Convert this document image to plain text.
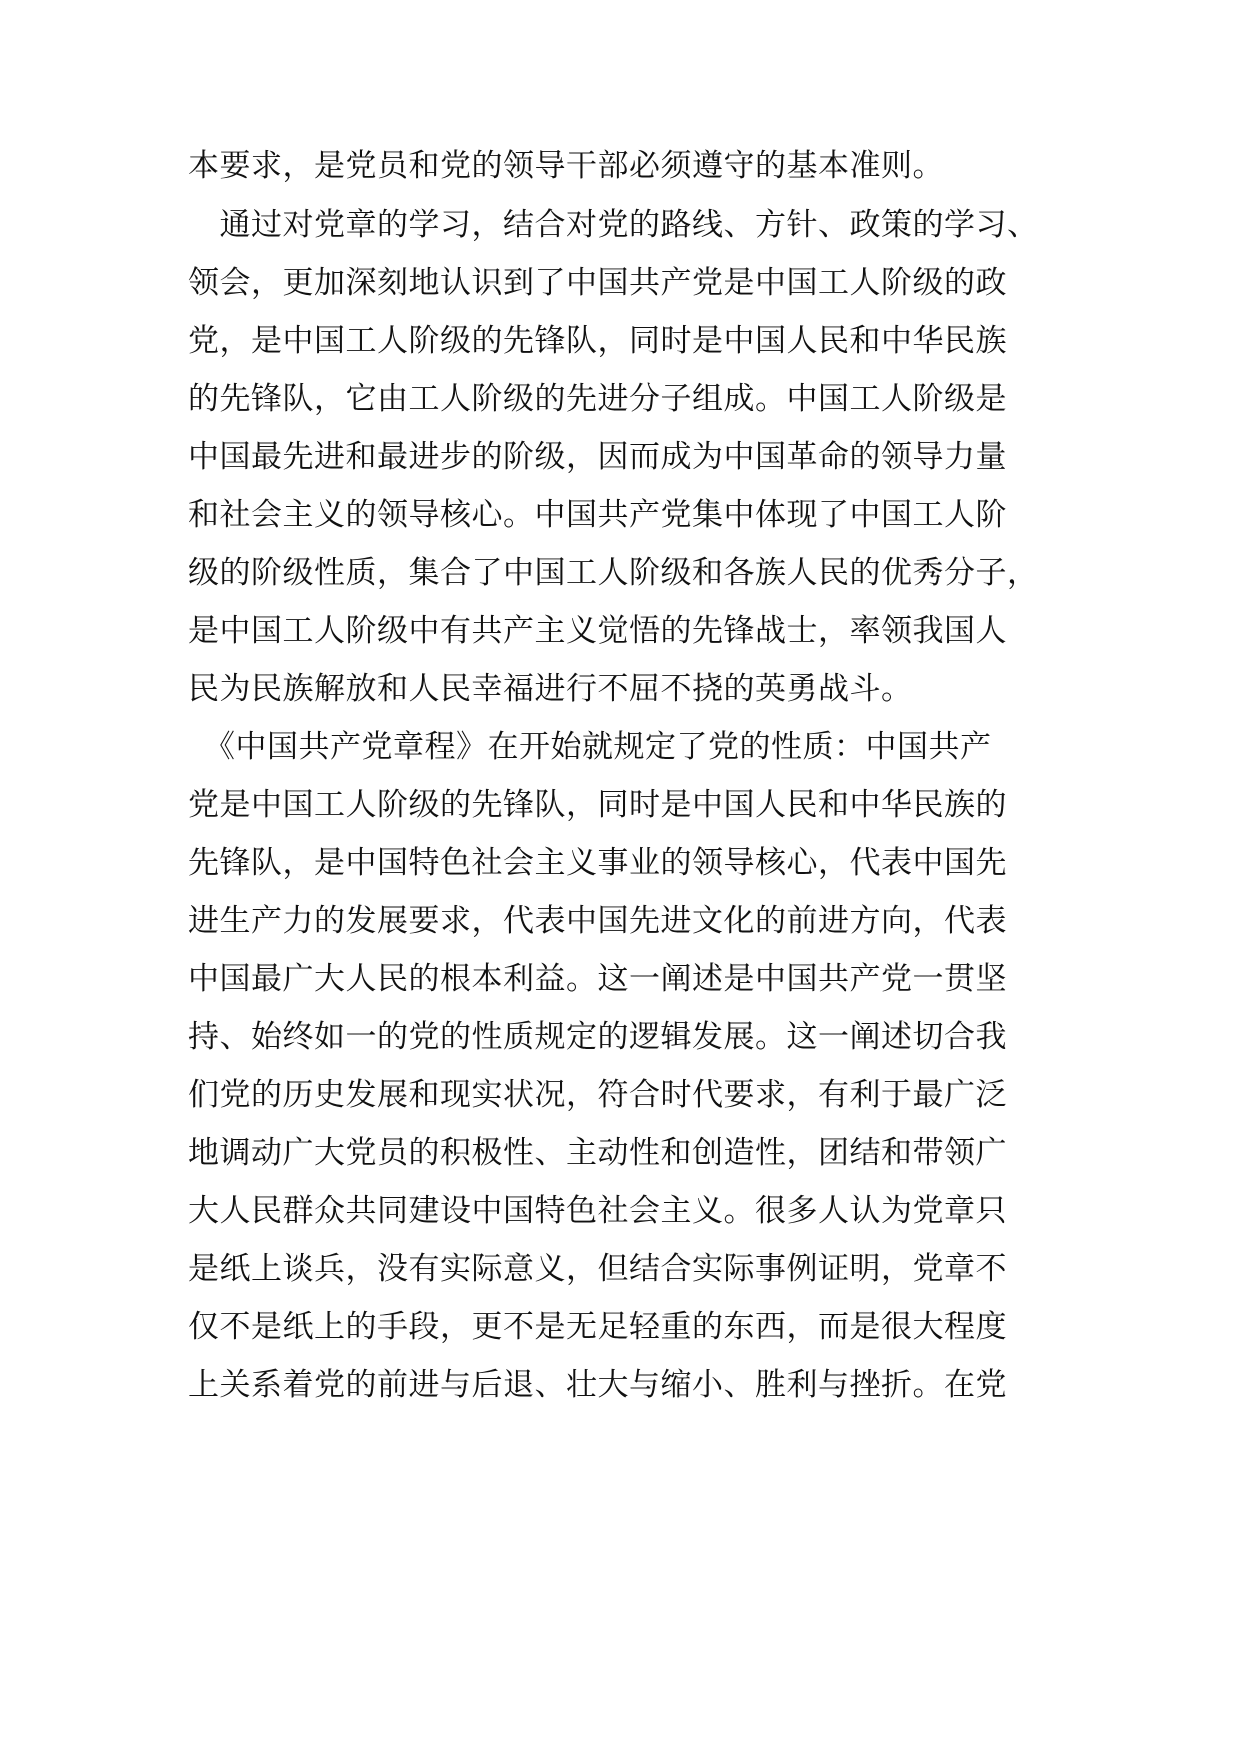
本要求，是党员和党的领导干部必须遵守的基本准则。
　通过对党章的学习，结合对党的路线、方针、政策的学习、
领会，更加深刻地认识到了中国共产党是中国工人阶级的政
党，是中国工人阶级的先锋队，同时是中国人民和中华民族
的先锋队，它由工人阶级的先进分子组成。中国工人阶级是
中国最先进和最进步的阶级，因而成为中国革命的领导力量
和社会主义的领导核心。中国共产党集中体现了中国工人阶
级的阶级性质，集合了中国工人阶级和各族人民的优秀分子，
是中国工人阶级中有共产主义觉悟的先锋战士，率领我国人
民为民族解放和人民幸福进行不屈不挠的英勇战斗。
　《中国共产党章程》在开始就规定了党的性质：中国共产
党是中国工人阶级的先锋队，同时是中国人民和中华民族的
先锋队，是中国特色社会主义事业的领导核心，代表中国先
进生产力的发展要求，代表中国先进文化的前进方向，代表
中国最广大人民的根本利益。这一阐述是中国共产党一贯坚
持、始终如一的党的性质规定的逻辑发展。这一阐述切合我
们党的历史发展和现实状况，符合时代要求，有利于最广泛
地调动广大党员的积极性、主动性和创造性，团结和带领广
大人民群众共同建设中国特色社会主义。很多人认为党章只
是纸上谈兵，没有实际意义，但结合实际事例证明，党章不
仅不是纸上的手段，更不是无足轻重的东西，而是很大程度
上关系着党的前进与后退、壮大与缩小、胜利与挫折。在党
